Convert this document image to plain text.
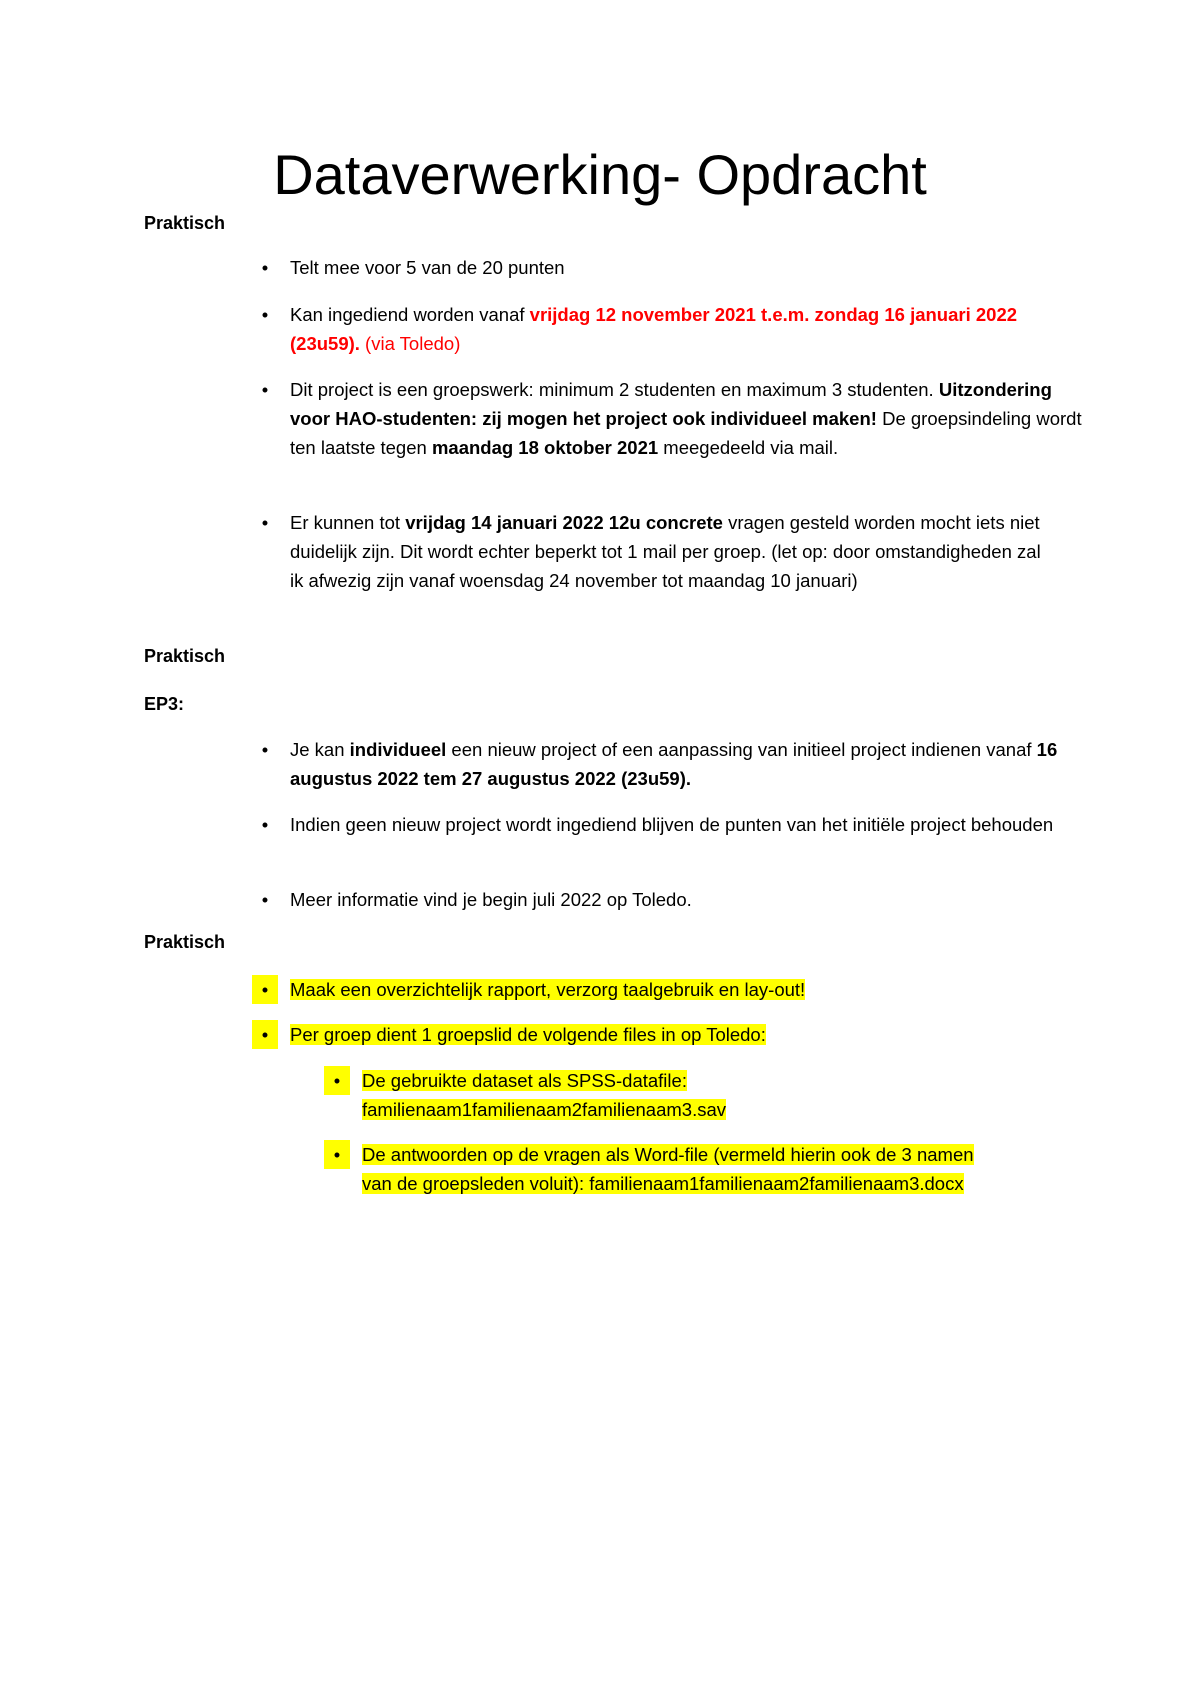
Dataverwerking- Opdracht
Praktisch
• Telt mee voor 5 van de 20 punten
• Kan ingediend worden vanaf vrijdag 12 november 2021 t.e.m. zondag 16 januari 2022 (23u59). (via Toledo)
• Dit project is een groepswerk: minimum 2 studenten en maximum 3 studenten. Uitzondering voor HAO-studenten: zij mogen het project ook individueel maken! De groepsindeling wordt ten laatste tegen maandag 18 oktober 2021 meegedeeld via mail.
• Er kunnen tot vrijdag 14 januari 2022 12u concrete vragen gesteld worden mocht iets niet duidelijk zijn. Dit wordt echter beperkt tot 1 mail per groep. (let op: door omstandigheden zal ik afwezig zijn vanaf woensdag 24 november tot maandag 10 januari)
Praktisch
EP3:
• Je kan individueel een nieuw project of een aanpassing van initieel project indienen vanaf 16 augustus 2022 tem 27 augustus 2022 (23u59).
• Indien geen nieuw project wordt ingediend blijven de punten van het initiële project behouden
• Meer informatie vind je begin juli 2022 op Toledo.
Praktisch
•	Maak een overzichtelijk rapport, verzorg taalgebruik en lay-out!
•	Per groep dient 1 groepslid de volgende files in op Toledo:
•	De gebruikte dataset als SPSS-datafile:
familienaam1familienaam2familienaam3.sav
•	De antwoorden op de vragen als Word-file (vermeld hierin ook de 3 namen
van de groepsleden voluit): familienaam1familienaam2familienaam3.docx
